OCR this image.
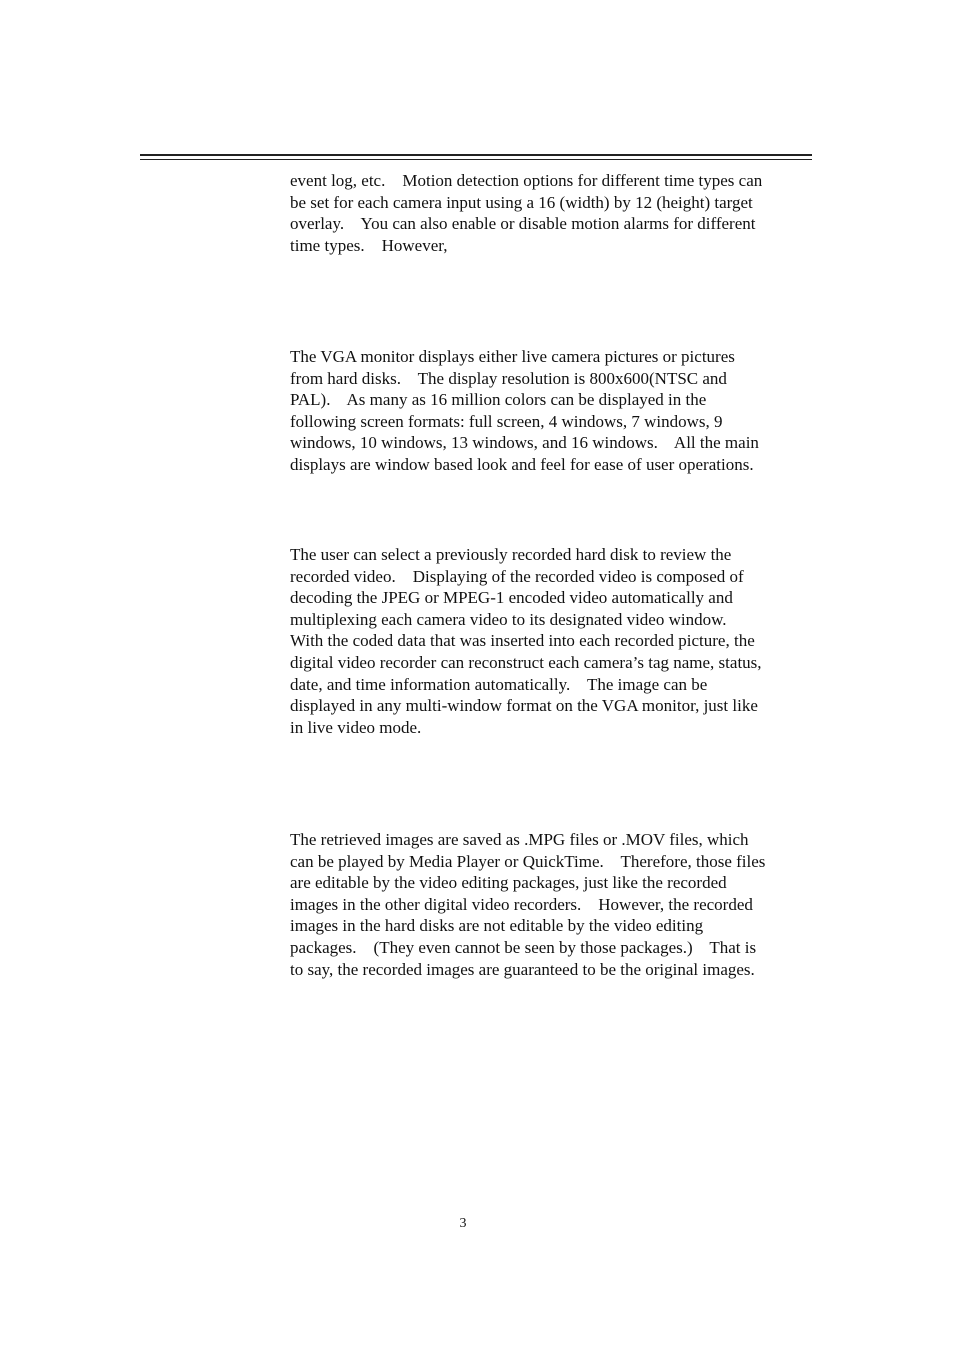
event log, etc.    Motion detection options for different time types can
be set for each camera input using a 16 (width) by 12 (height) target
overlay.    You can also enable or disable motion alarms for different
time types.    However,

The VGA monitor displays either live camera pictures or pictures
from hard disks.    The display resolution is 800x600(NTSC and
PAL).    As many as 16 million colors can be displayed in the
following screen formats: full screen, 4 windows, 7 windows, 9
windows, 10 windows, 13 windows, and 16 windows.    All the main
displays are window based look and feel for ease of user operations.

The user can select a previously recorded hard disk to review the
recorded video.    Displaying of the recorded video is composed of
decoding the JPEG or MPEG-1 encoded video automatically and
multiplexing each camera video to its designated video window.
With the coded data that was inserted into each recorded picture, the
digital video recorder can reconstruct each camera’s tag name, status,
date, and time information automatically.    The image can be
displayed in any multi-window format on the VGA monitor, just like
in live video mode.

The retrieved images are saved as .MPG files or .MOV files, which
can be played by Media Player or QuickTime.    Therefore, those files
are editable by the video editing packages, just like the recorded
images in the other digital video recorders.    However, the recorded
images in the hard disks are not editable by the video editing
packages.    (They even cannot be seen by those packages.)    That is
to say, the recorded images are guaranteed to be the original images.

3
